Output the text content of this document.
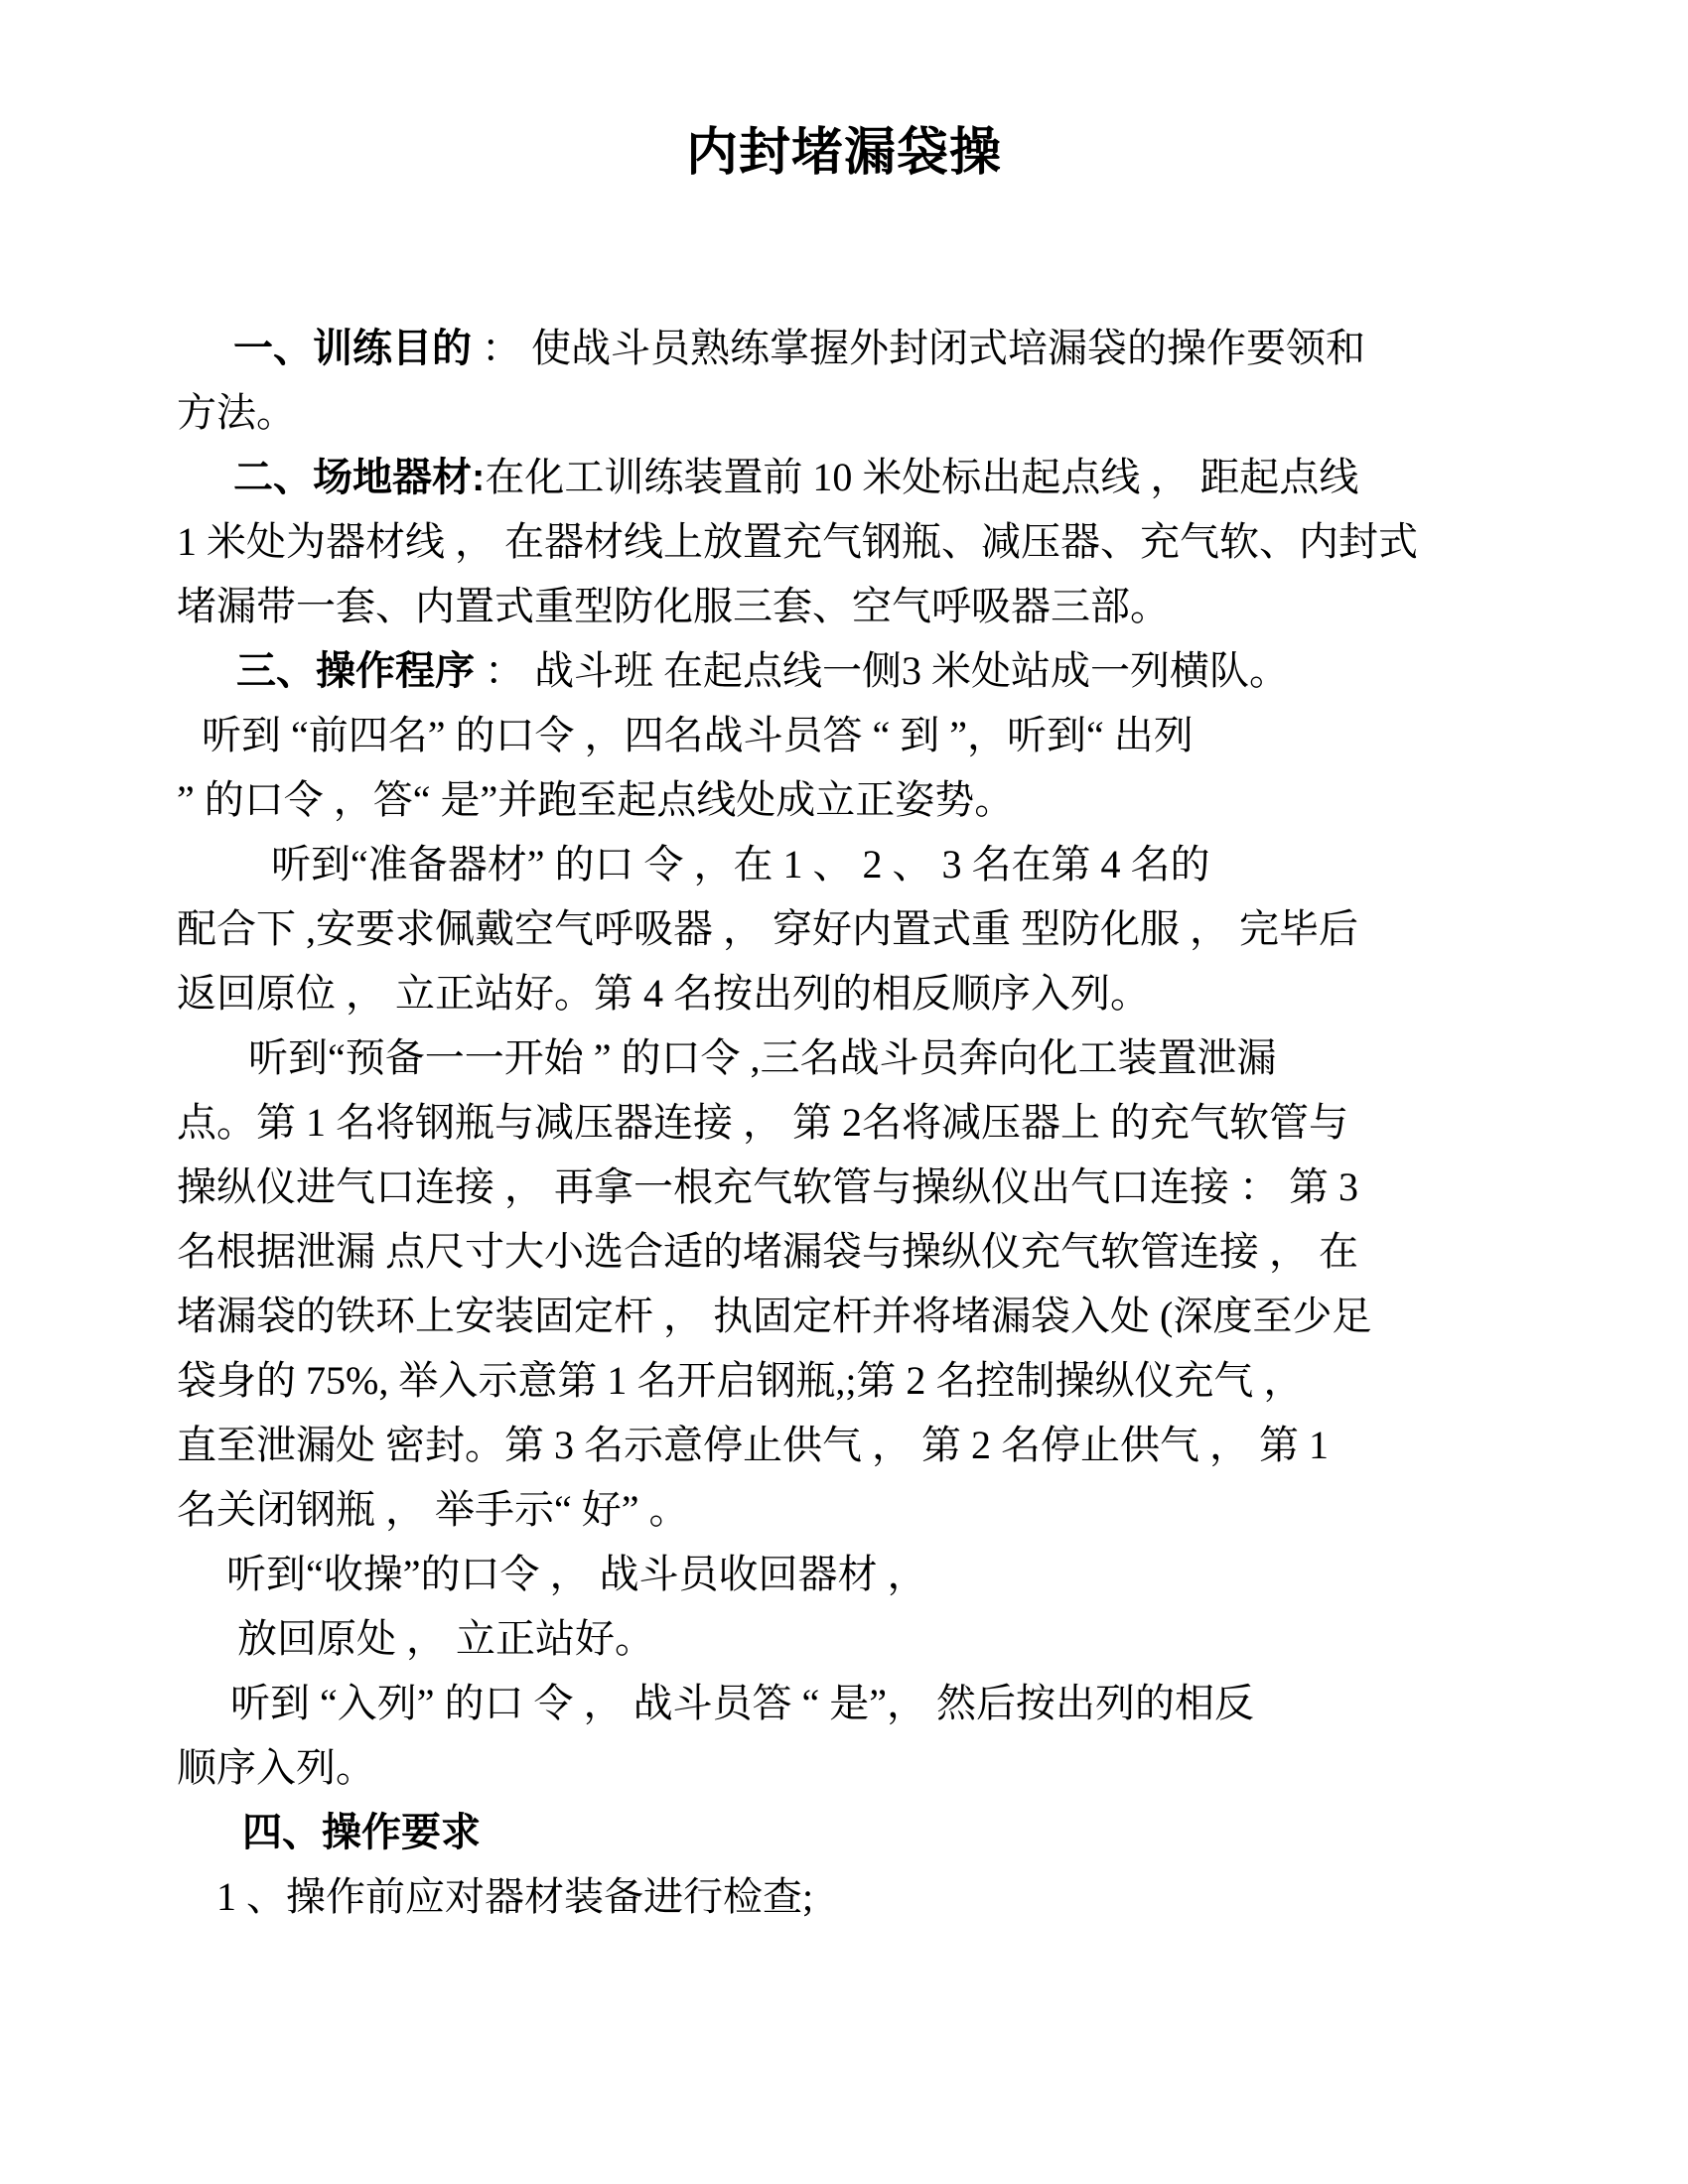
内封堵漏袋操
一、训练目的 ： 使战斗员熟练掌握外封闭式培漏袋的操作要领和
方法。
二、场地器材:在化工训练装置前 10 米处标出起点线 ， 距起点线
1 米处为器材线 ， 在器材线上放置充气钢瓶、减压器、充气软、内封式
堵漏带一套、内置式重型防化服三套、空气呼吸器三部。
三、操作程序 ： 战斗班 在起点线一侧3 米处站成一列横队。
听到 “前四名” 的口令 ，四名战斗员答 “ 到 ”，听到“ 出列
” 的口令 ，答“ 是”并跑至起点线处成立正姿势。
听到“准备器材” 的口 令 ，在 1 、 2 、 3 名在第 4 名的
配合下 ,安要求佩戴空气呼吸器 ， 穿好内置式重 型防化服 ， 完毕后
返回原位 ， 立正站好。第 4 名按出列的相反顺序入列。
听到“预备一一开始 ” 的口令 ,三名战斗员奔向化工装置泄漏
点。第 1 名将钢瓶与减压器连接 ， 第 2名将减压器上 的充气软管与
操纵仪进气口连接 ， 再拿一根充气软管与操纵仪出气口连接 ： 第 3
名根据泄漏 点尺寸大小选合适的堵漏袋与操纵仪充气软管连接 ， 在
堵漏袋的铁环上安装固定杆 ， 执固定杆并将堵漏袋入处 (深度至少足
袋身的 75%, 举入示意第 1 名开启钢瓶,;第 2 名控制操纵仪充气 ，
直至泄漏处 密封。第 3 名示意停止供气 ， 第 2 名停止供气 ， 第 1
名关闭钢瓶 ， 举手示“ 好” 。
听到“收操”的口令 ， 战斗员收回器材 ，
放回原处 ， 立正站好。
听到 “入列” 的口 令 ， 战斗员答 “ 是”， 然后按出列的相反
顺序入列。
四、操作要求
1 、操作前应对器材装备进行检查;
